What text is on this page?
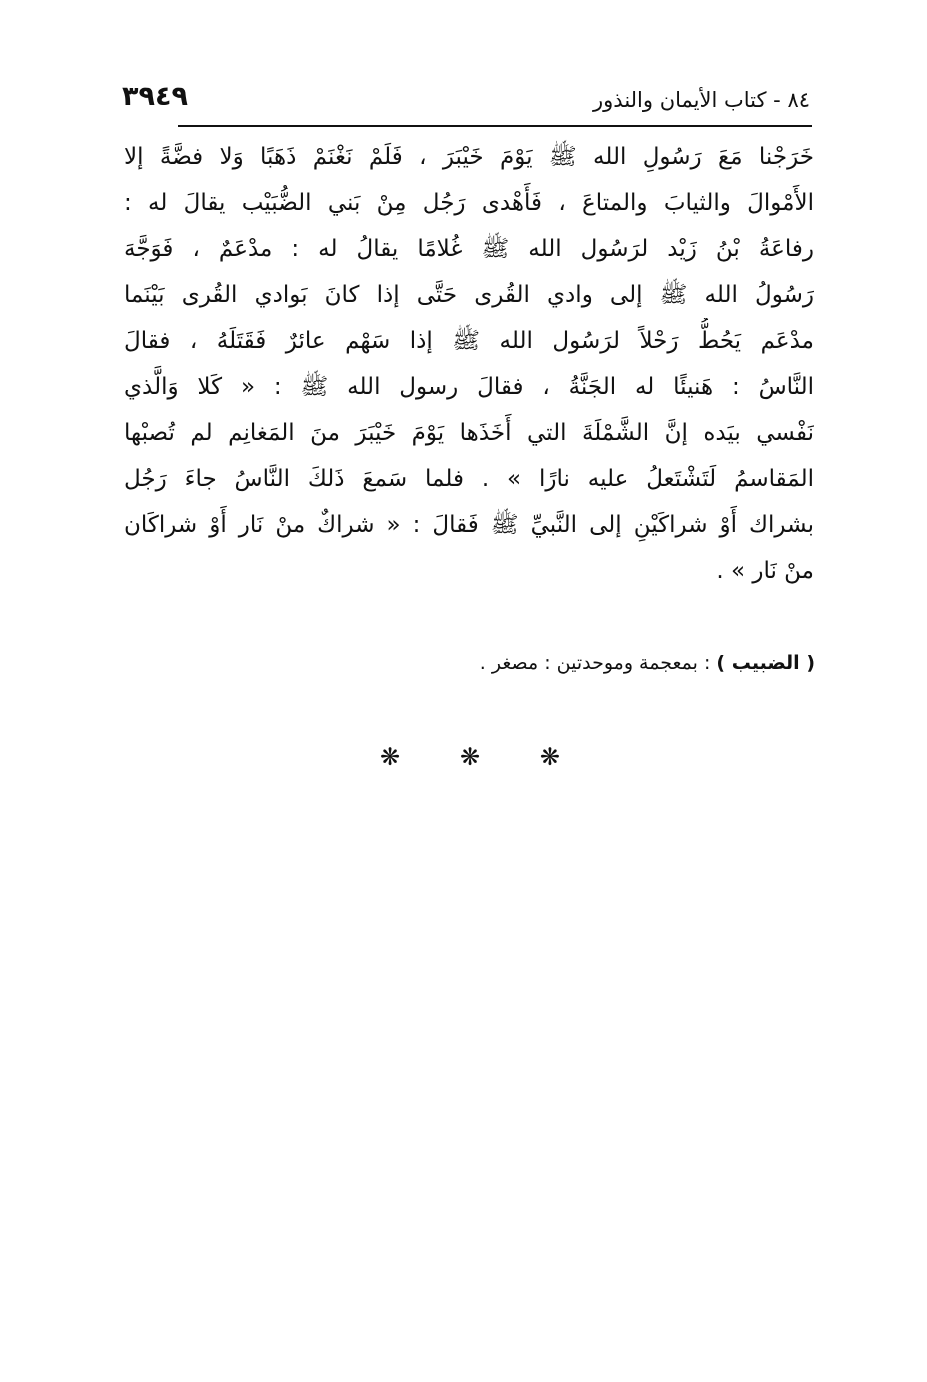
٣٩٤٩	٨٤ - كتاب الأيمان والنذور
خَرَجْنا مَعَ رَسُولِ الله ﷺ يَوْمَ خَيْبَرَ ، فَلَمْ نَغْنَمْ ذَهَبًا وَلا فضَّةً إلا
الأَمْوالَ والثيابَ والمتاعَ ، فَأَهْدى رَجُل مِنْ بَني الضُّبَيْب يقالَ له :
رفاعَةُ بْنُ زَيْد لرَسُول الله ﷺ غُلامًا يقالُ له : مدْعَمٌ ، فَوَجَّهَ
رَسُولُ الله ﷺ إلى وادي القُرى حَتَّى إذا كانَ بَوادي القُرى بَيْنَما
مدْعَم يَحُطُّ رَحْلاً لرَسُول الله ﷺ إذا سَهْم عائرٌ فَقَتَلَهُ ، فقالَ
النَّاسُ : هَنيئًا له الجَنَّةُ ، فقالَ رسول الله ﷺ : « كَلا وَالَّذي
نَفْسي بيَده إنَّ الشَّمْلَةَ التي أَخَذَها يَوْمَ خَيْبَرَ منَ المَغانِم لم تُصبْها
المَقاسمُ لَتَشْتَعلُ عليه نارًا » . فلما سَمعَ ذَلكَ النَّاسُ جاءَ رَجُل
بشراك أَوْ شراكَيْنِ إلى النَّبيِّ ﷺ فَقالَ : « شراكٌ منْ نَار أَوْ شراكَان
منْ نَار » .
( الضبيب ) : بمعجمة وموحدتين : مصغر .
❋ ❋ ❋
